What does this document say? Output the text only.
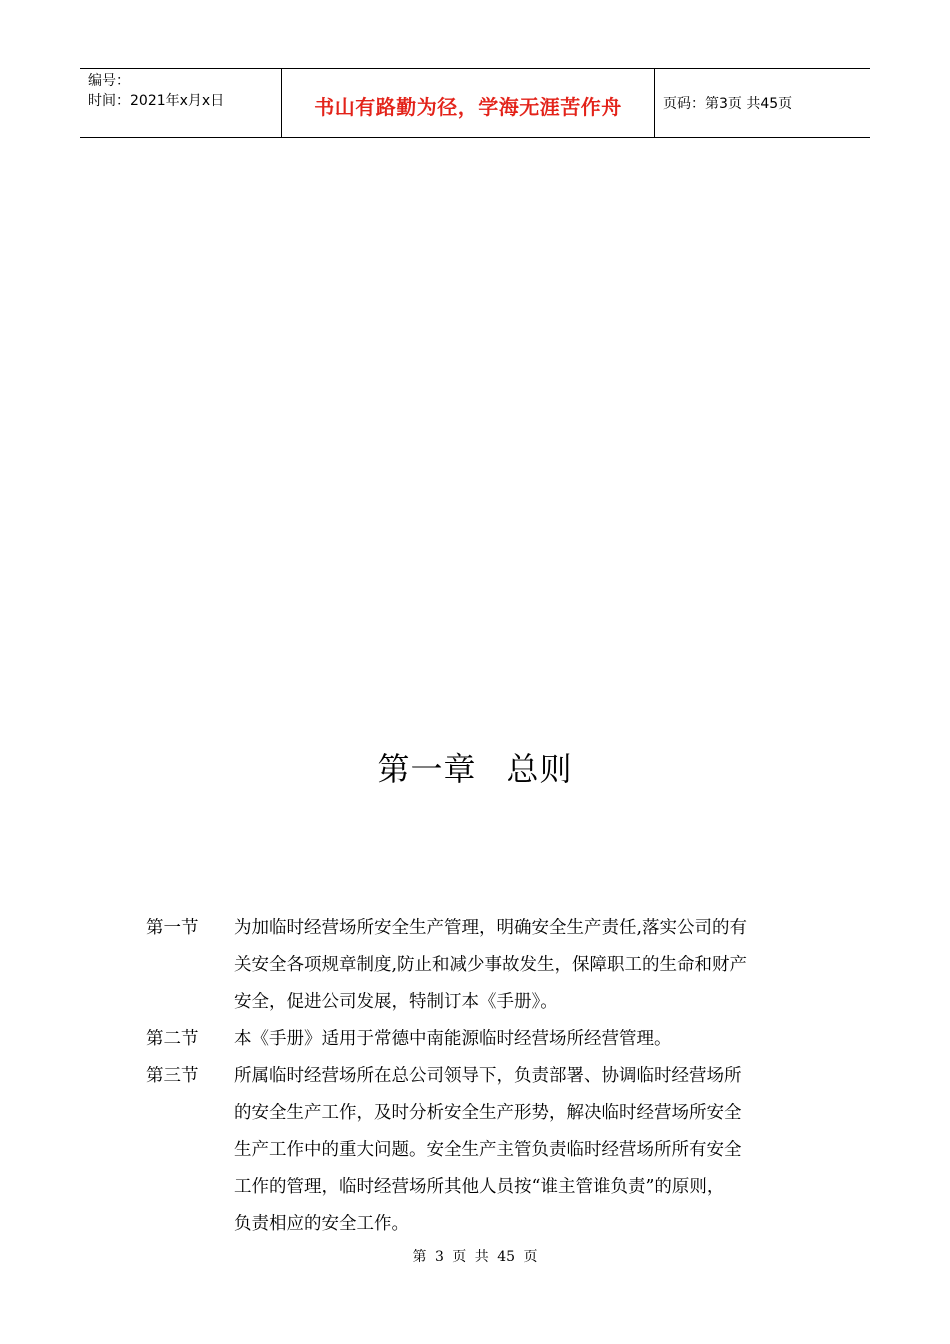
编号：
时间：2021年x月x日	书山有路勤为径，学海无涯苦作舟	页码：第3页 共45页
第一章 总则
第一节	为加临时经营场所安全生产管理，明确安全生产责任,落实公司的有
关安全各项规章制度,防止和减少事故发生，保障职工的生命和财产
安全，促进公司发展，特制订本《手册》。
第二节	本《手册》适用于常德中南能源临时经营场所经营管理。
第三节	所属临时经营场所在总公司领导下，负责部署、协调临时经营场所
的安全生产工作，及时分析安全生产形势，解决临时经营场所安全
生产工作中的重大问题。安全生产主管负责临时经营场所所有安全
工作的管理，临时经营场所其他人员按“谁主管谁负责”的原则，
负责相应的安全工作。
第 3 页 共 45 页
